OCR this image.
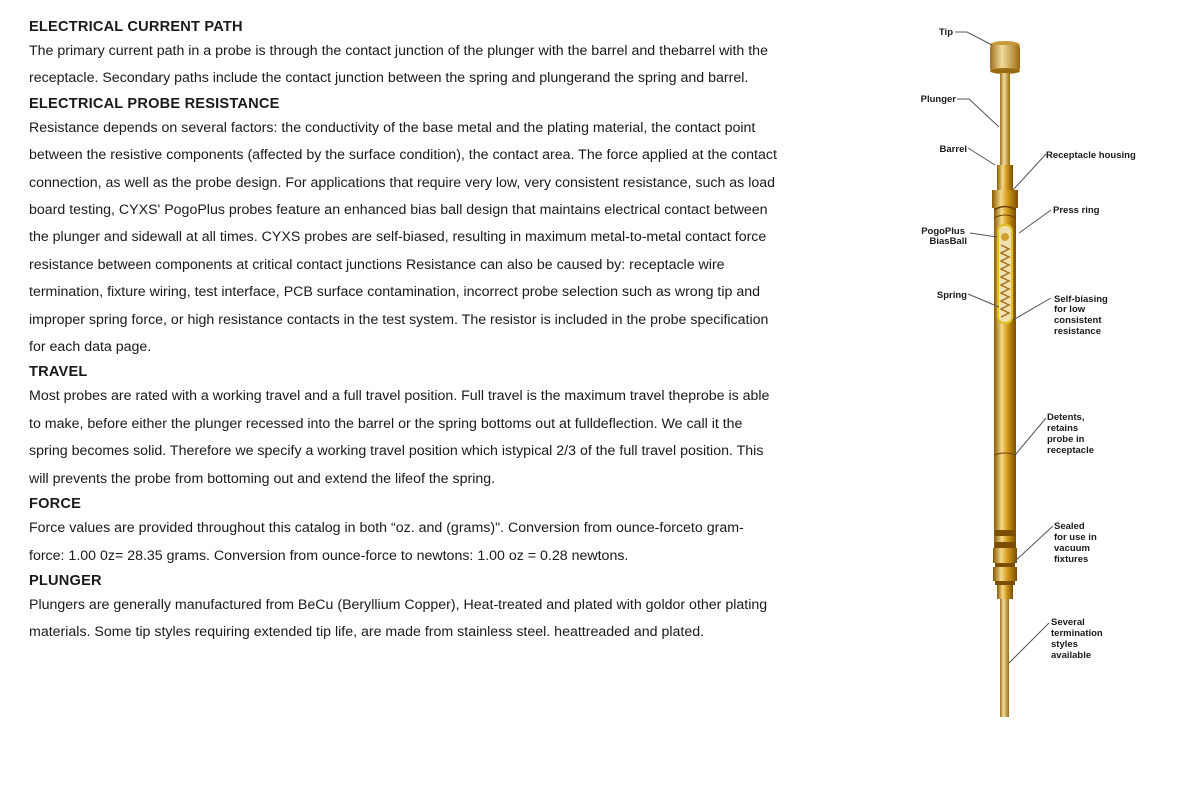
ELECTRICAL CURRENT PATH

The primary current path in a probe is through the contact junction of the plunger with the barrel and thebarrel with the receptacle. Secondary paths include the contact junction between the spring and plungerand the spring and barrel.

ELECTRICAL PROBE RESISTANCE

Resistance depends on several factors: the conductivity of the base metal and the plating material, the contact point between the resistive components (affected by the surface condition), the contact area. The force applied at the contact connection, as well as the probe design. For applications that require very low, very consistent resistance, such as load board testing, CYXS' PogoPlus probes feature an enhanced bias ball design that maintains electrical contact between the plunger and sidewall at all times. CYXS probes are self-biased, resulting in maximum metal-to-metal contact force resistance between components at critical contact junctions Resistance can also be caused by: receptacle wire termination, fixture wiring, test interface, PCB surface contamination, incorrect probe selection such as wrong tip and improper spring force, or high resistance contacts in the test system. The resistor is included in the probe specification for each data page.

TRAVEL

Most probes are rated with a working travel and a full travel position. Full travel is the maximum travel theprobe is able to make, before either the plunger recessed into the barrel or the spring bottoms out at fulldeflection. We call it the spring becomes solid. Therefore we specify a working travel position which istypical 2/3 of the full travel position. This will prevents the probe from bottoming out and extend the lifeof the spring.

FORCE

Force values are provided throughout this catalog in both “oz. and (grams)". Conversion from ounce-forceto gram-force: 1.00 0z= 28.35 grams. Conversion from ounce-force to newtons: 1.00 oz = 0.28 newtons.

PLUNGER

Plungers are generally manufactured from BeCu (Beryllium Copper), Heat-treated and plated with goldor other plating materials. Some tip styles requiring extended tip life, are made from stainless steel. heattreaded and plated.

Tip
Plunger
Barrel
PogoPlus
BiasBall
Spring
Receptacle housing
Press ring
Self-biasing
for low
consistent
resistance
Detents,
retains
probe in
receptacle
Sealed
for use in
vacuum
fixtures
Several
termination
styles
available
